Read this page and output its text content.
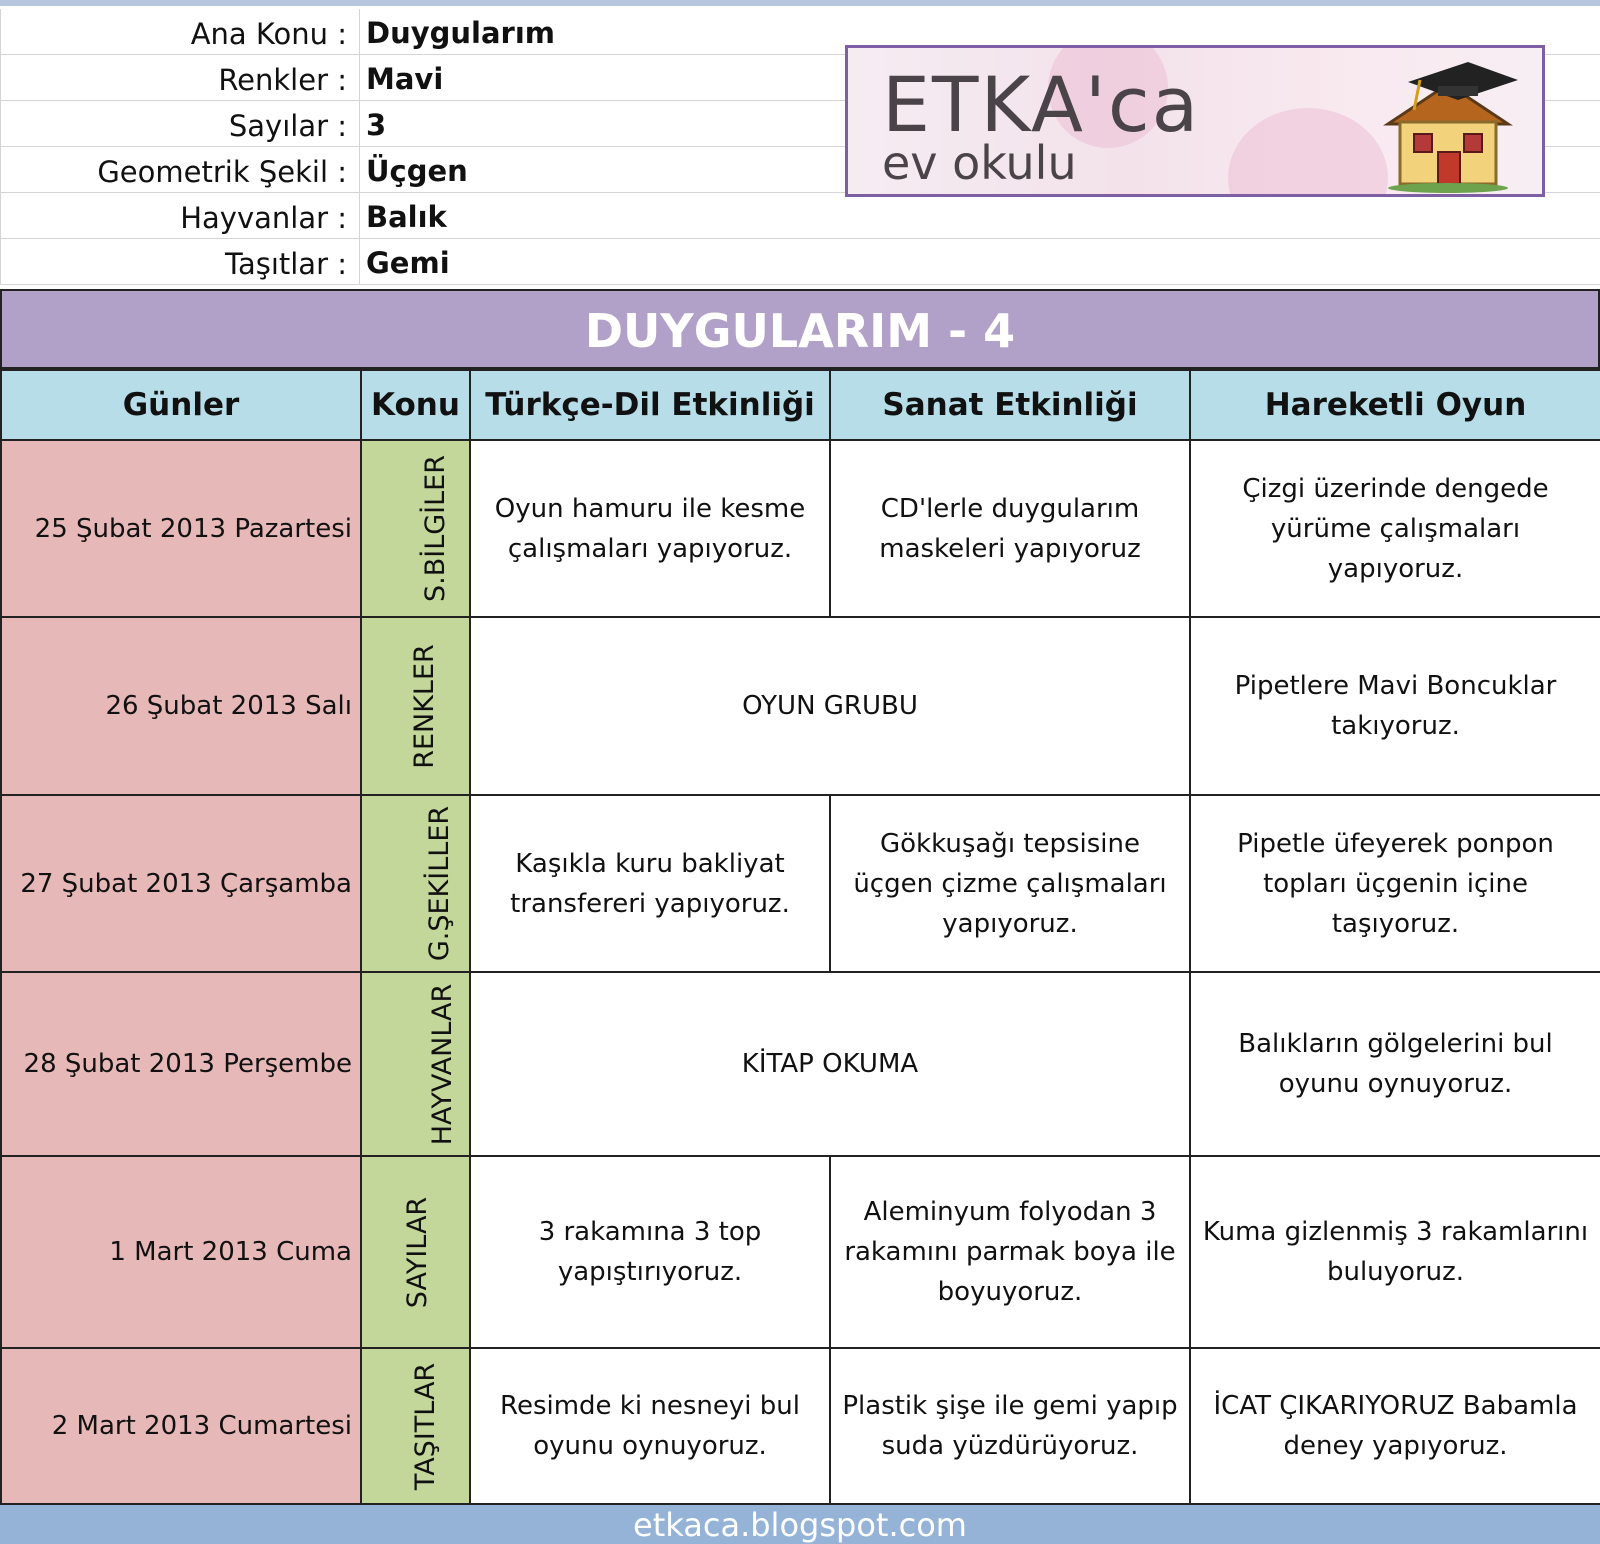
Ana Konu : Duygularım
Renkler : Mavi
Sayılar : 3
Geometrik Şekil : Üçgen
Hayvanlar : Balık
Taşıtlar : Gemi
ETKA'ca
ev okulu
DUYGULARIM - 4
Günler	Konu	Türkçe-Dil Etkinliği	Sanat Etkinliği	Hareketli Oyun
25 Şubat 2013 Pazartesi	S.BİLGİLER	Oyun hamuru ile kesme çalışmaları yapıyoruz.	CD'lerle duygularım maskeleri yapıyoruz	Çizgi üzerinde dengede yürüme çalışmaları yapıyoruz.
26 Şubat 2013 Salı	RENKLER	OYUN GRUBU		Pipetlere Mavi Boncuklar takıyoruz.
27 Şubat 2013 Çarşamba	G.ŞEKİLLER	Kaşıkla kuru bakliyat transfereri yapıyoruz.	Gökkuşağı tepsisine üçgen çizme çalışmaları yapıyoruz.	Pipetle üfeyerek ponpon topları üçgenin içine taşıyoruz.
28 Şubat 2013 Perşembe	HAYVANLAR	KİTAP OKUMA		Balıkların gölgelerini bul oyunu oynuyoruz.
1 Mart 2013 Cuma	SAYILAR	3 rakamına 3 top yapıştırıyoruz.	Aleminyum folyodan 3 rakamını parmak boya ile boyuyoruz.	Kuma gizlenmiş 3 rakamlarını buluyoruz.
2 Mart 2013 Cumartesi	TAŞITLAR	Resimde ki nesneyi bul oyunu oynuyoruz.	Plastik şişe ile gemi yapıp suda yüzdürüyoruz.	İCAT ÇIKARIYORUZ Babamla deney yapıyoruz.
etkaca.blogspot.com
